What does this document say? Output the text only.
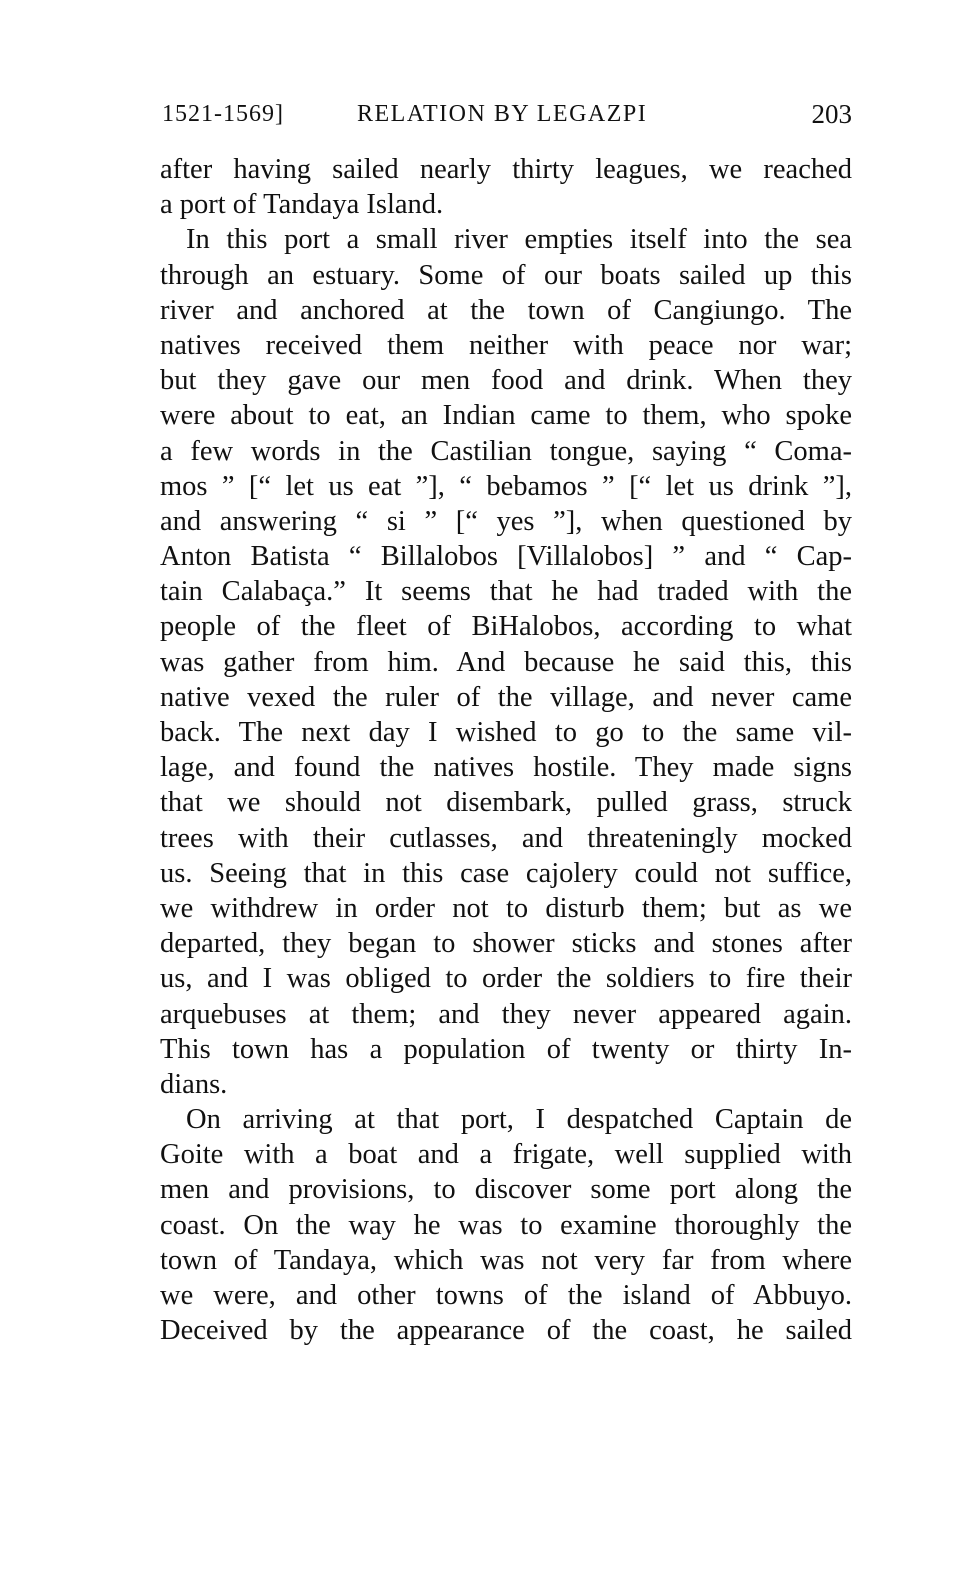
1521-1569]	RELATION BY LEGAZPI	203
after having sailed nearly thirty leagues, we reached
a port of Tandaya Island.
In this port a small river empties itself into the sea
through an estuary. Some of our boats sailed up this
river and anchored at the town of Cangiungo. The
natives received them neither with peace nor war;
but they gave our men food and drink. When they
were about to eat, an Indian came to them, who spoke
a few words in the Castilian tongue, saying “ Coma-
mos ” [“ let us eat ”], “ bebamos ” [“ let us drink ”],
and answering “ si ” [“ yes ”], when questioned by
Anton Batista “ Billalobos [Villalobos] ” and “ Cap-
tain Calabaça.” It seems that he had traded with the
people of the fleet of BiHalobos, according to what
was gather from him. And because he said this, this
native vexed the ruler of the village, and never came
back. The next day I wished to go to the same vil-
lage, and found the natives hostile. They made signs
that we should not disembark, pulled grass, struck
trees with their cutlasses, and threateningly mocked
us. Seeing that in this case cajolery could not suffice,
we withdrew in order not to disturb them; but as we
departed, they began to shower sticks and stones after
us, and I was obliged to order the soldiers to fire their
arquebuses at them; and they never appeared again.
This town has a population of twenty or thirty In-
dians.
On arriving at that port, I despatched Captain de
Goite with a boat and a frigate, well supplied with
men and provisions, to discover some port along the
coast. On the way he was to examine thoroughly the
town of Tandaya, which was not very far from where
we were, and other towns of the island of Abbuyo.
Deceived by the appearance of the coast, he sailed
